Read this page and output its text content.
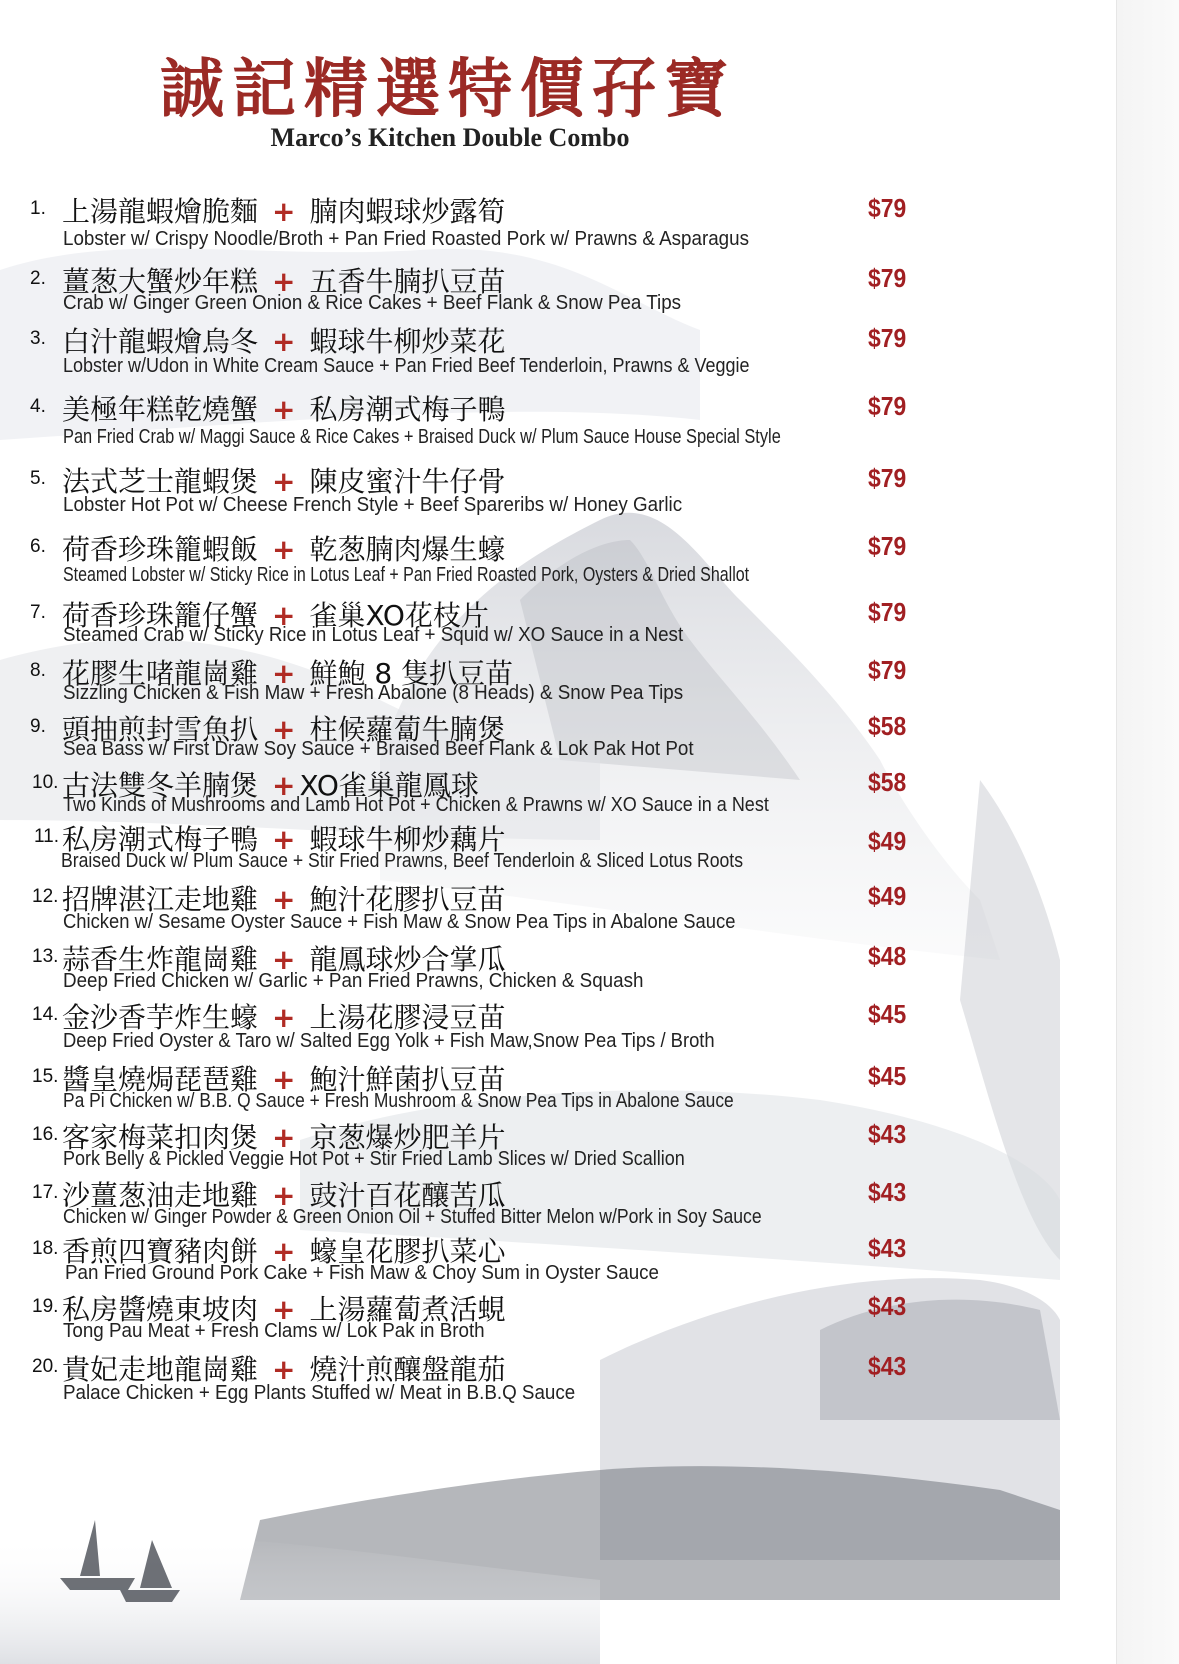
誠記精選特價孖寶
Marco’s Kitchen Double Combo
1. 上湯龍蝦燴脆麵 + 腩肉蝦球炒露筍	$79
Lobster w/ Crispy Noodle/Broth + Pan Fried Roasted Pork w/ Prawns & Asparagus
2. 薑葱大蟹炒年糕 + 五香牛腩扒豆苗	$79
Crab w/ Ginger Green Onion & Rice Cakes + Beef Flank & Snow Pea Tips
3. 白汁龍蝦燴烏冬 + 蝦球牛柳炒菜花	$79
Lobster w/Udon in White Cream Sauce + Pan Fried Beef Tenderloin, Prawns & Veggie
4. 美極年糕乾燒蟹 + 私房潮式梅子鴨	$79
Pan Fried Crab w/ Maggi Sauce & Rice Cakes + Braised Duck w/ Plum Sauce House Special Style
5. 法式芝士龍蝦煲 + 陳皮蜜汁牛仔骨	$79
Lobster Hot Pot w/ Cheese French Style + Beef Spareribs w/ Honey Garlic
6. 荷香珍珠籠蝦飯 + 乾葱腩肉爆生蠔	$79
Steamed Lobster w/ Sticky Rice in Lotus Leaf + Pan Fried Roasted Pork, Oysters & Dried Shallot
7. 荷香珍珠籠仔蟹 + 雀巢XO花枝片	$79
Steamed Crab w/ Sticky Rice in Lotus Leaf + Squid w/ XO Sauce in a Nest
8. 花膠生啫龍崗雞 + 鮮鮑 8 隻扒豆苗	$79
Sizzling Chicken & Fish Maw + Fresh Abalone (8 Heads) & Snow Pea Tips
9. 頭抽煎封雪魚扒 + 柱候蘿蔔牛腩煲	$58
Sea Bass w/ First Draw Soy Sauce + Braised Beef Flank & Lok Pak Hot Pot
10. 古法雙冬羊腩煲 + XO雀巢龍鳳球	$58
Two Kinds of Mushrooms and Lamb Hot Pot + Chicken & Prawns w/ XO Sauce in a Nest
11. 私房潮式梅子鴨 + 蝦球牛柳炒藕片	$49
Braised Duck w/ Plum Sauce + Stir Fried Prawns, Beef Tenderloin & Sliced Lotus Roots
12. 招牌湛江走地雞 + 鮑汁花膠扒豆苗	$49
Chicken w/ Sesame Oyster Sauce + Fish Maw & Snow Pea Tips in Abalone Sauce
13. 蒜香生炸龍崗雞 + 龍鳳球炒合掌瓜	$48
Deep Fried Chicken w/ Garlic + Pan Fried Prawns, Chicken & Squash
14. 金沙香芋炸生蠔 + 上湯花膠浸豆苗	$45
Deep Fried Oyster & Taro w/ Salted Egg Yolk + Fish Maw,Snow Pea Tips / Broth
15. 醬皇燒焗琵琶雞 + 鮑汁鮮菌扒豆苗	$45
Pa Pi Chicken w/ B.B. Q Sauce + Fresh Mushroom & Snow Pea Tips in Abalone Sauce
16. 客家梅菜扣肉煲 + 京葱爆炒肥羊片	$43
Pork Belly & Pickled Veggie Hot Pot + Stir Fried Lamb Slices w/ Dried Scallion
17. 沙薑葱油走地雞 + 豉汁百花釀苦瓜	$43
Chicken w/ Ginger Powder & Green Onion Oil + Stuffed Bitter Melon w/Pork in Soy Sauce
18. 香煎四寶豬肉餅 + 蠔皇花膠扒菜心	$43
Pan Fried Ground Pork Cake + Fish Maw & Choy Sum in Oyster Sauce
19. 私房醬燒東坡肉 + 上湯蘿蔔煮活蜆	$43
Tong Pau Meat + Fresh Clams w/ Lok Pak in Broth
20. 貴妃走地龍崗雞 + 燒汁煎釀盤龍茄	$43
Palace Chicken + Egg Plants Stuffed w/ Meat in B.B.Q Sauce
